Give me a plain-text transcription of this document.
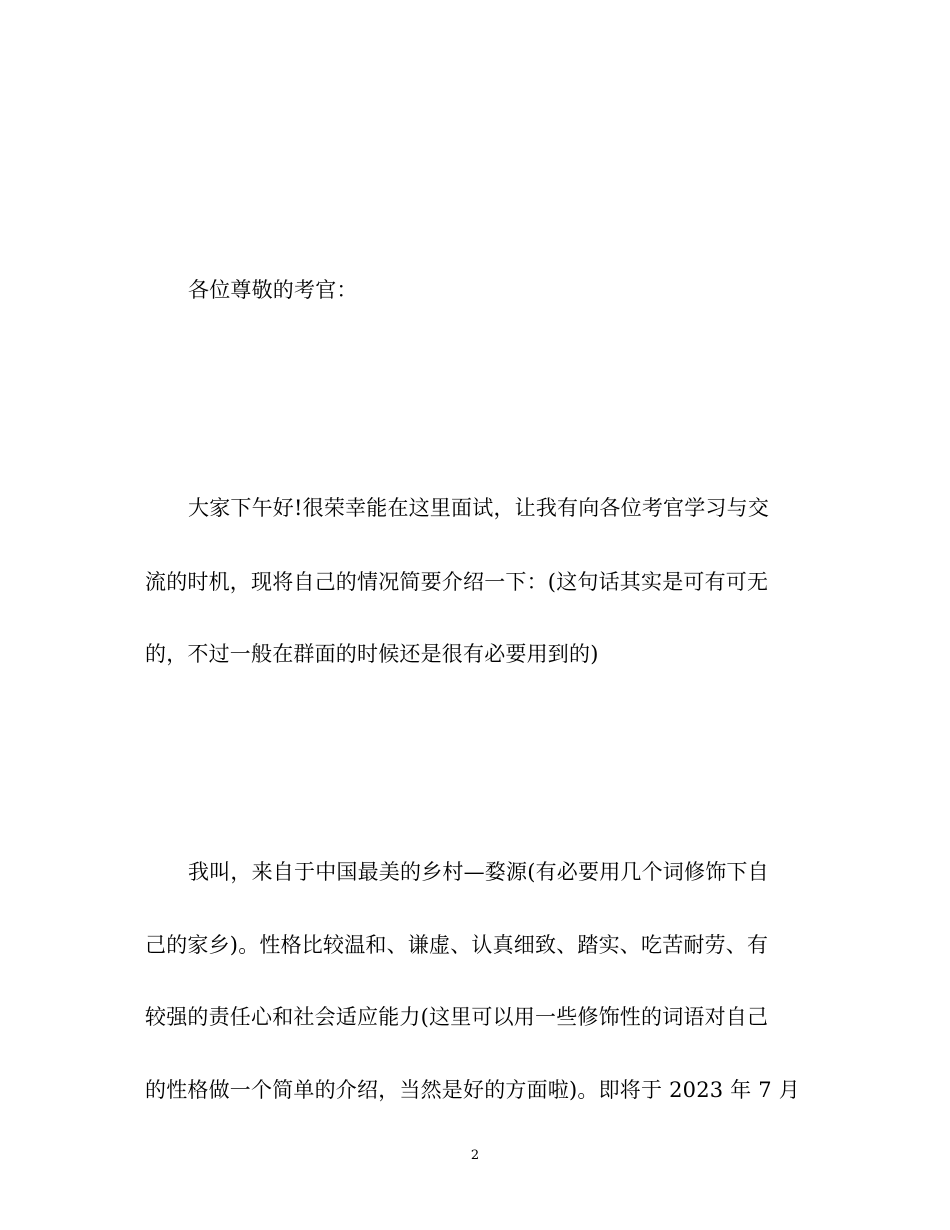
各位尊敬的考官：
大家下午好!很荣幸能在这里面试，让我有向各位考官学习与交
流的时机，现将自己的情况简要介绍一下：(这句话其实是可有可无
的，不过一般在群面的时候还是很有必要用到的)
我叫，来自于中国最美的乡村—婺源(有必要用几个词修饰下自
己的家乡)。性格比较温和、谦虚、认真细致、踏实、吃苦耐劳、有
较强的责任心和社会适应能力(这里可以用一些修饰性的词语对自己
的性格做一个简单的介绍，当然是好的方面啦)。即将于 2023 年 7 月
2
